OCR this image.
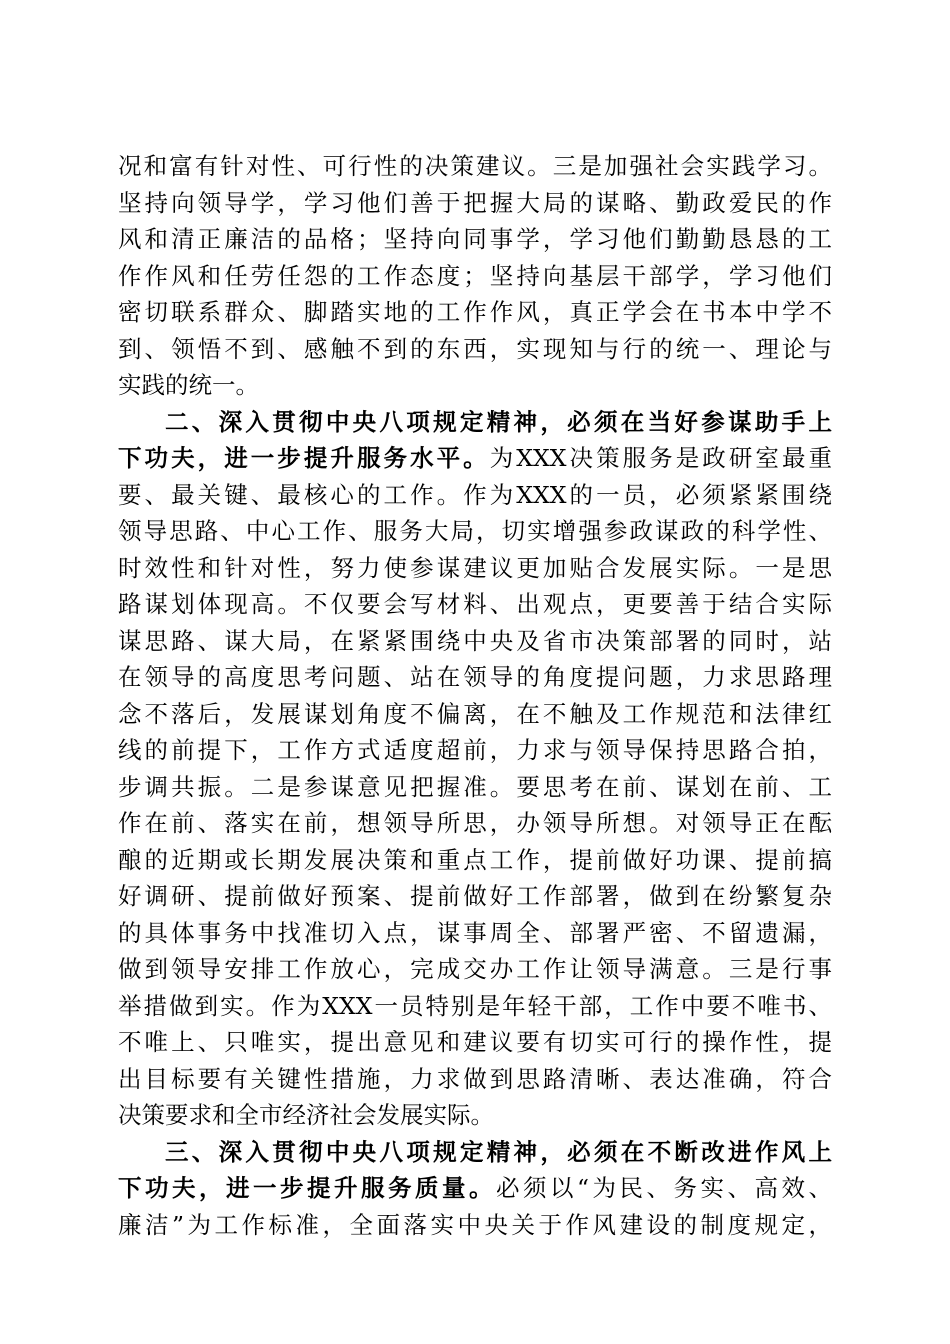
况和富有针对性、可行性的决策建议。三是加强社会实践学习。
坚持向领导学，学习他们善于把握大局的谋略、勤政爱民的作
风和清正廉洁的品格；坚持向同事学，学习他们勤勤恳恳的工
作作风和任劳任怨的工作态度；坚持向基层干部学，学习他们
密切联系群众、脚踏实地的工作作风，真正学会在书本中学不
到、领悟不到、感触不到的东西，实现知与行的统一、理论与
实践的统一。
二、深入贯彻中央八项规定精神，必须在当好参谋助手上
下功夫，进一步提升服务水平。为XXX决策服务是政研室最重
要、最关键、最核心的工作。作为XXX的一员，必须紧紧围绕
领导思路、中心工作、服务大局，切实增强参政谋政的科学性、
时效性和针对性，努力使参谋建议更加贴合发展实际。一是思
路谋划体现高。不仅要会写材料、出观点，更要善于结合实际
谋思路、谋大局，在紧紧围绕中央及省市决策部署的同时，站
在领导的高度思考问题、站在领导的角度提问题，力求思路理
念不落后，发展谋划角度不偏离，在不触及工作规范和法律红
线的前提下，工作方式适度超前，力求与领导保持思路合拍，
步调共振。二是参谋意见把握准。要思考在前、谋划在前、工
作在前、落实在前，想领导所思，办领导所想。对领导正在酝
酿的近期或长期发展决策和重点工作，提前做好功课、提前搞
好调研、提前做好预案、提前做好工作部署，做到在纷繁复杂
的具体事务中找准切入点，谋事周全、部署严密、不留遗漏，
做到领导安排工作放心，完成交办工作让领导满意。三是行事
举措做到实。作为XXX一员特别是年轻干部，工作中要不唯书、
不唯上、只唯实，提出意见和建议要有切实可行的操作性，提
出目标要有关键性措施，力求做到思路清晰、表达准确，符合
决策要求和全市经济社会发展实际。
三、深入贯彻中央八项规定精神，必须在不断改进作风上
下功夫，进一步提升服务质量。必须以“为民、务实、高效、
廉洁”为工作标准，全面落实中央关于作风建设的制度规定，
